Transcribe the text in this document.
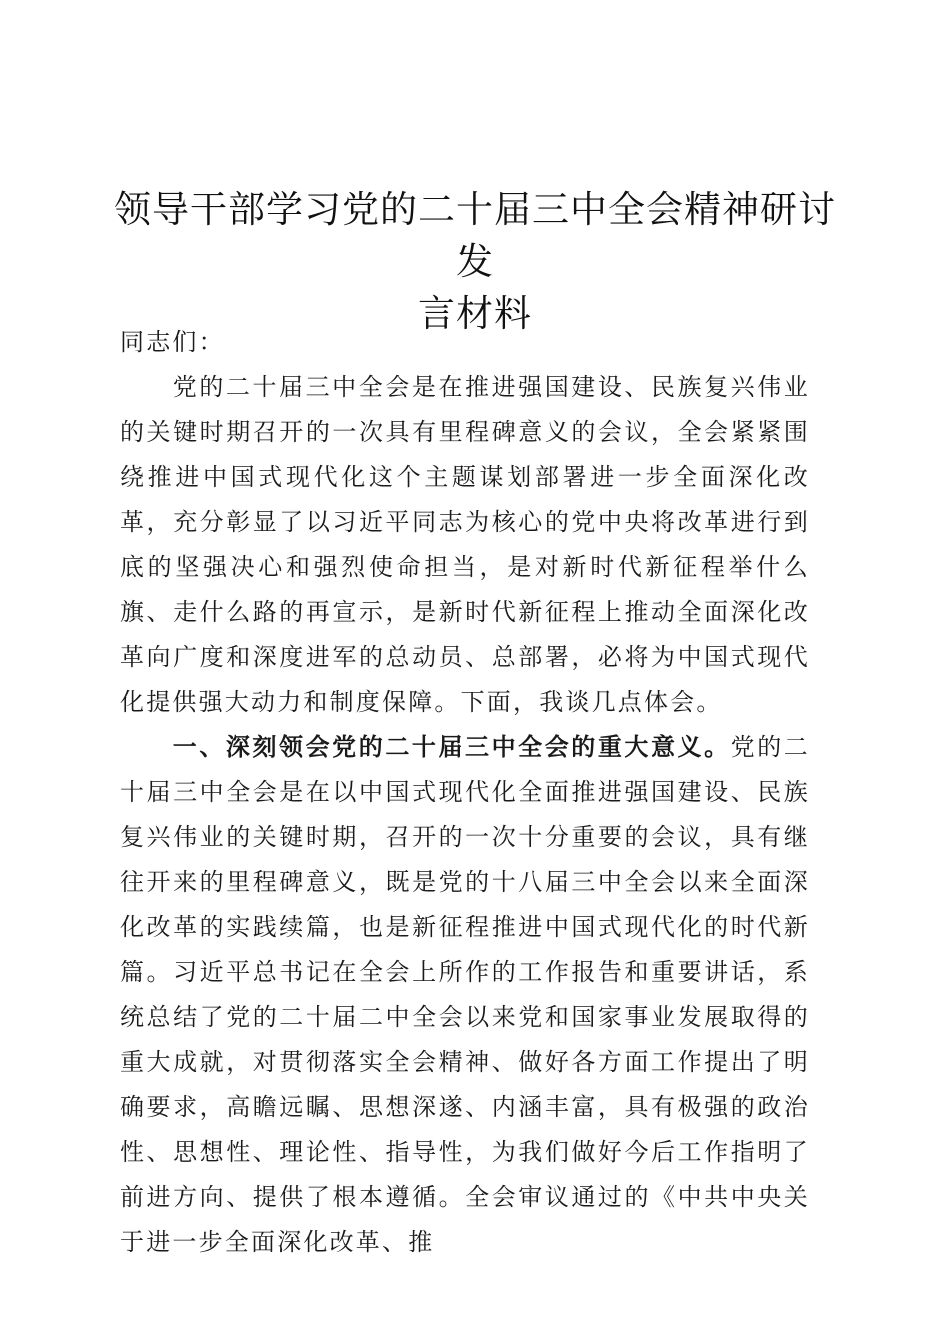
领导干部学习党的二十届三中全会精神研讨发
言材料

同志们：

党的二十届三中全会是在推进强国建设、民族复兴伟业的关键时期召开的一次具有里程碑意义的会议，全会紧紧围绕推进中国式现代化这个主题谋划部署进一步全面深化改革，充分彰显了以习近平同志为核心的党中央将改革进行到底的坚强决心和强烈使命担当，是对新时代新征程举什么旗、走什么路的再宣示，是新时代新征程上推动全面深化改革向广度和深度进军的总动员、总部署，必将为中国式现代化提供强大动力和制度保障。下面，我谈几点体会。

一、深刻领会党的二十届三中全会的重大意义。党的二十届三中全会是在以中国式现代化全面推进强国建设、民族复兴伟业的关键时期，召开的一次十分重要的会议，具有继往开来的里程碑意义，既是党的十八届三中全会以来全面深化改革的实践续篇，也是新征程推进中国式现代化的时代新篇。习近平总书记在全会上所作的工作报告和重要讲话，系统总结了党的二十届二中全会以来党和国家事业发展取得的重大成就，对贯彻落实全会精神、做好各方面工作提出了明确要求，高瞻远瞩、思想深遂、内涵丰富，具有极强的政治性、思想性、理论性、指导性，为我们做好今后工作指明了前进方向、提供了根本遵循。全会审议通过的《中共中央关于进一步全面深化改革、推
